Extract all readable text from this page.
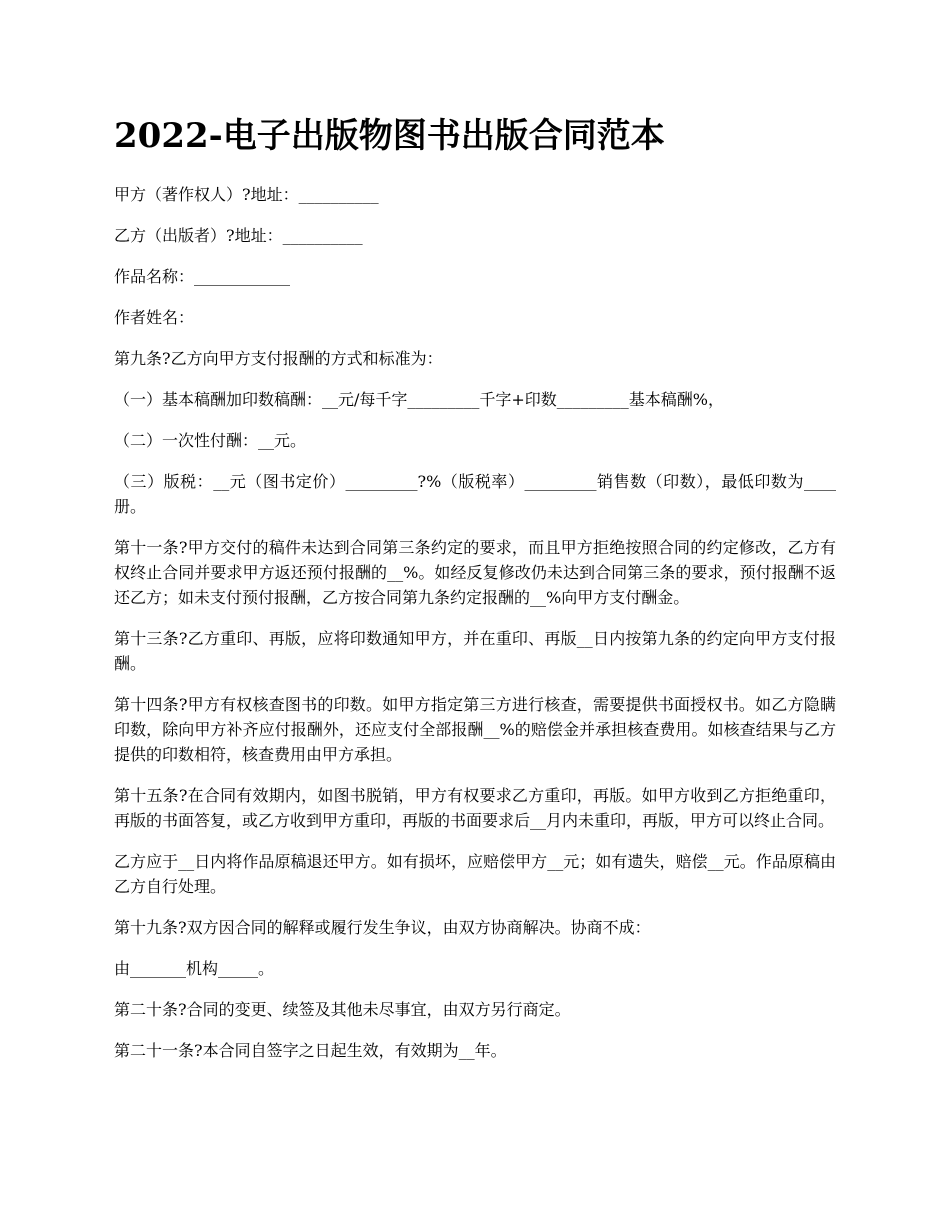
2022-电子出版物图书出版合同范本

甲方（著作权人）?地址：__________

乙方（出版者）?地址：__________

作品名称：____________

作者姓名：

第九条?乙方向甲方支付报酬的方式和标准为：

（一）基本稿酬加印数稿酬：__元/每千字_________千字+印数_________基本稿酬%，

（二）一次性付酬：__元。

（三）版税：__元（图书定价）_________?%（版税率）_________销售数（印数），最低印数为____册。

第十一条?甲方交付的稿件未达到合同第三条约定的要求，而且甲方拒绝按照合同的约定修改，乙方有权终止合同并要求甲方返还预付报酬的__%。如经反复修改仍未达到合同第三条的要求，预付报酬不返还乙方；如未支付预付报酬，乙方按合同第九条约定报酬的__%向甲方支付酬金。

第十三条?乙方重印、再版，应将印数通知甲方，并在重印、再版__日内按第九条的约定向甲方支付报酬。

第十四条?甲方有权核查图书的印数。如甲方指定第三方进行核查，需要提供书面授权书。如乙方隐瞒印数，除向甲方补齐应付报酬外，还应支付全部报酬__%的赔偿金并承担核查费用。如核查结果与乙方提供的印数相符，核查费用由甲方承担。

第十五条?在合同有效期内，如图书脱销，甲方有权要求乙方重印，再版。如甲方收到乙方拒绝重印，再版的书面答复，或乙方收到甲方重印，再版的书面要求后__月内未重印，再版，甲方可以终止合同。

乙方应于__日内将作品原稿退还甲方。如有损坏，应赔偿甲方__元；如有遗失，赔偿__元。作品原稿由乙方自行处理。

第十九条?双方因合同的解释或履行发生争议，由双方协商解决。协商不成：

由_______机构_____。

第二十条?合同的变更、续签及其他未尽事宜，由双方另行商定。

第二十一条?本合同自签字之日起生效，有效期为__年。
